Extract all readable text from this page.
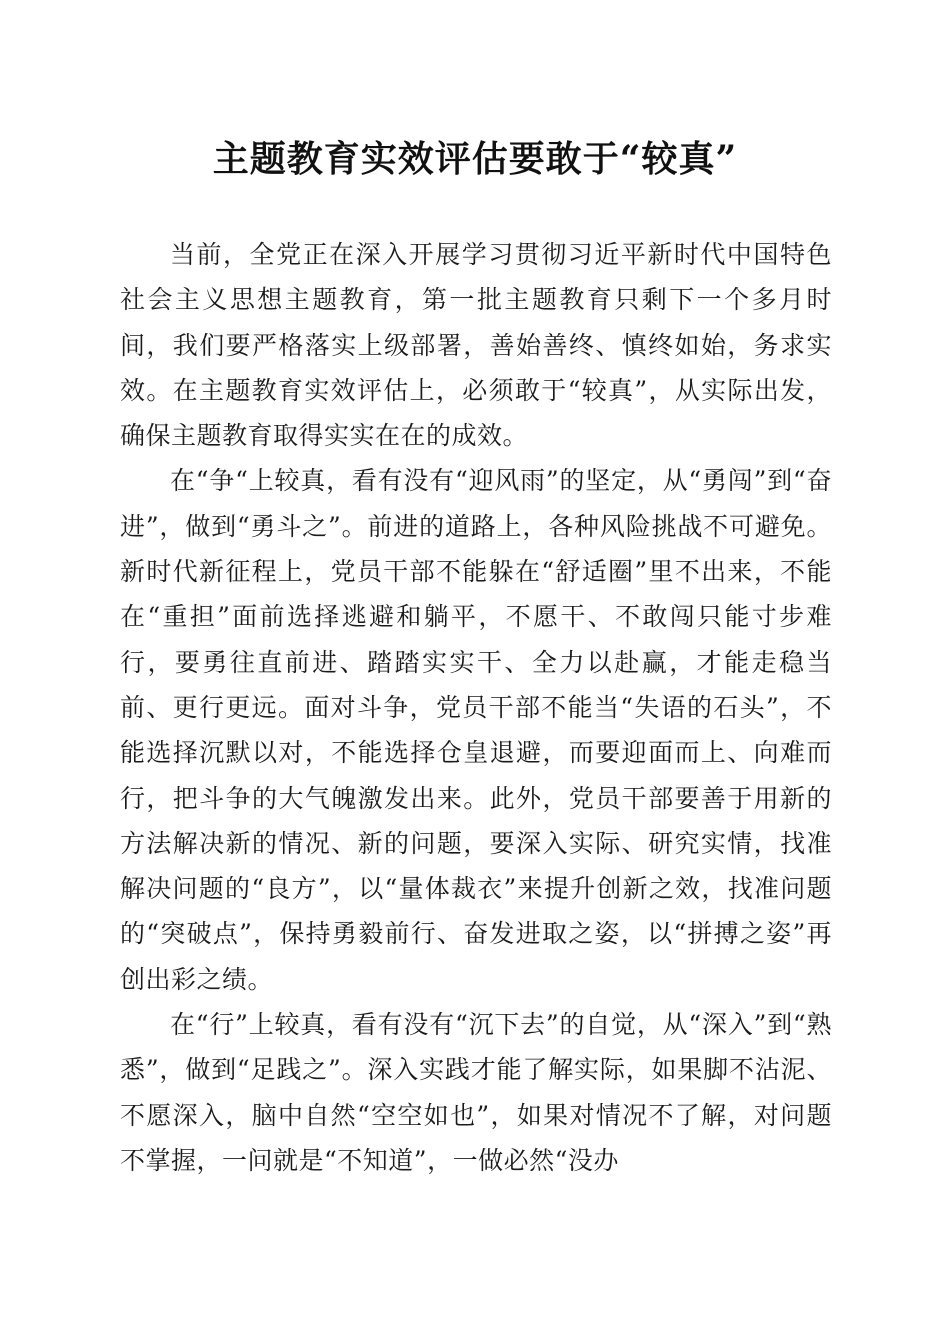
主题教育实效评估要敢于“较真”

当前，全党正在深入开展学习贯彻习近平新时代中国特色社会主义思想主题教育，第一批主题教育只剩下一个多月时间，我们要严格落实上级部署，善始善终、慎终如始，务求实效。在主题教育实效评估上，必须敢于“较真”，从实际出发，确保主题教育取得实实在在的成效。

在“争“上较真，看有没有“迎风雨”的坚定，从“勇闯”到“奋进”，做到“勇斗之”。前进的道路上，各种风险挑战不可避免。新时代新征程上，党员干部不能躲在“舒适圈”里不出来，不能在“重担”面前选择逃避和躺平，不愿干、不敢闯只能寸步难行，要勇往直前进、踏踏实实干、全力以赴赢，才能走稳当前、更行更远。面对斗争，党员干部不能当“失语的石头”，不能选择沉默以对，不能选择仓皇退避，而要迎面而上、向难而行，把斗争的大气魄激发出来。此外，党员干部要善于用新的方法解决新的情况、新的问题，要深入实际、研究实情，找准解决问题的“良方”，以“量体裁衣”来提升创新之效，找准问题的“突破点”，保持勇毅前行、奋发进取之姿，以“拼搏之姿”再创出彩之绩。

在“行”上较真，看有没有“沉下去”的自觉，从“深入”到“熟悉”，做到“足践之”。深入实践才能了解实际，如果脚不沾泥、不愿深入，脑中自然“空空如也”，如果对情况不了解，对问题不掌握，一问就是“不知道”，一做必然“没办
